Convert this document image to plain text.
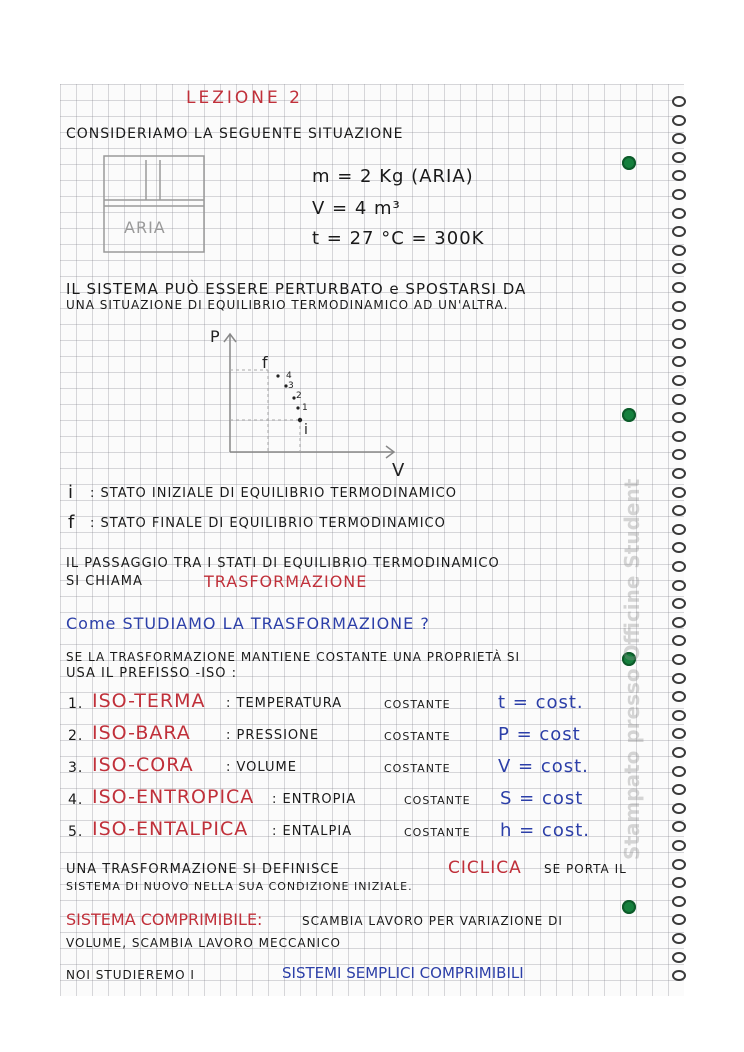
Stampato presso Officine Student
LEZIONE 2
CONSIDERIAMO LA SEGUENTE SITUAZIONE
ARIA
m = 2 Kg (ARIA)
V = 4 m³
t = 27 °C = 300K
IL SISTEMA PUÒ ESSERE PERTURBATO e SPOSTARSI DA
UNA SITUAZIONE DI EQUILIBRIO TERMODINAMICO AD UN'ALTRA.
P
V
f
i
4
3
2
1
i : STATO INIZIALE DI EQUILIBRIO TERMODINAMICO
f : STATO FINALE DI EQUILIBRIO TERMODINAMICO
IL PASSAGGIO TRA I STATI DI EQUILIBRIO TERMODINAMICO
SI CHIAMA	TRASFORMAZIONE
Come STUDIAMO LA TRASFORMAZIONE ?
SE LA TRASFORMAZIONE MANTIENE COSTANTE UNA PROPRIETÀ SI
USA IL PREFISSO -ISO :
1. ISO-TERMA : TEMPERATURA	COSTANTE	t = cost.
2. ISO-BARA	: PRESSIONE	COSTANTE	P = cost
3. ISO-CORA : VOLUME	COSTANTE	V = cost.
4. ISO-ENTROPICA : ENTROPIA	COSTANTE S = cost
5. ISO-ENTALPICA : ENTALPIA	COSTANTE h = cost.
UNA TRASFORMAZIONE SI DEFINISCE	CICLICA SE PORTA IL
SISTEMA DI NUOVO NELLA SUA CONDIZIONE INIZIALE.
SISTEMA COMPRIMIBILE:	SCAMBIA LAVORO PER VARIAZIONE DI
VOLUME, SCAMBIA LAVORO MECCANICO
NOI STUDIEREMO I	SISTEMI SEMPLICI COMPRIMIBILI
